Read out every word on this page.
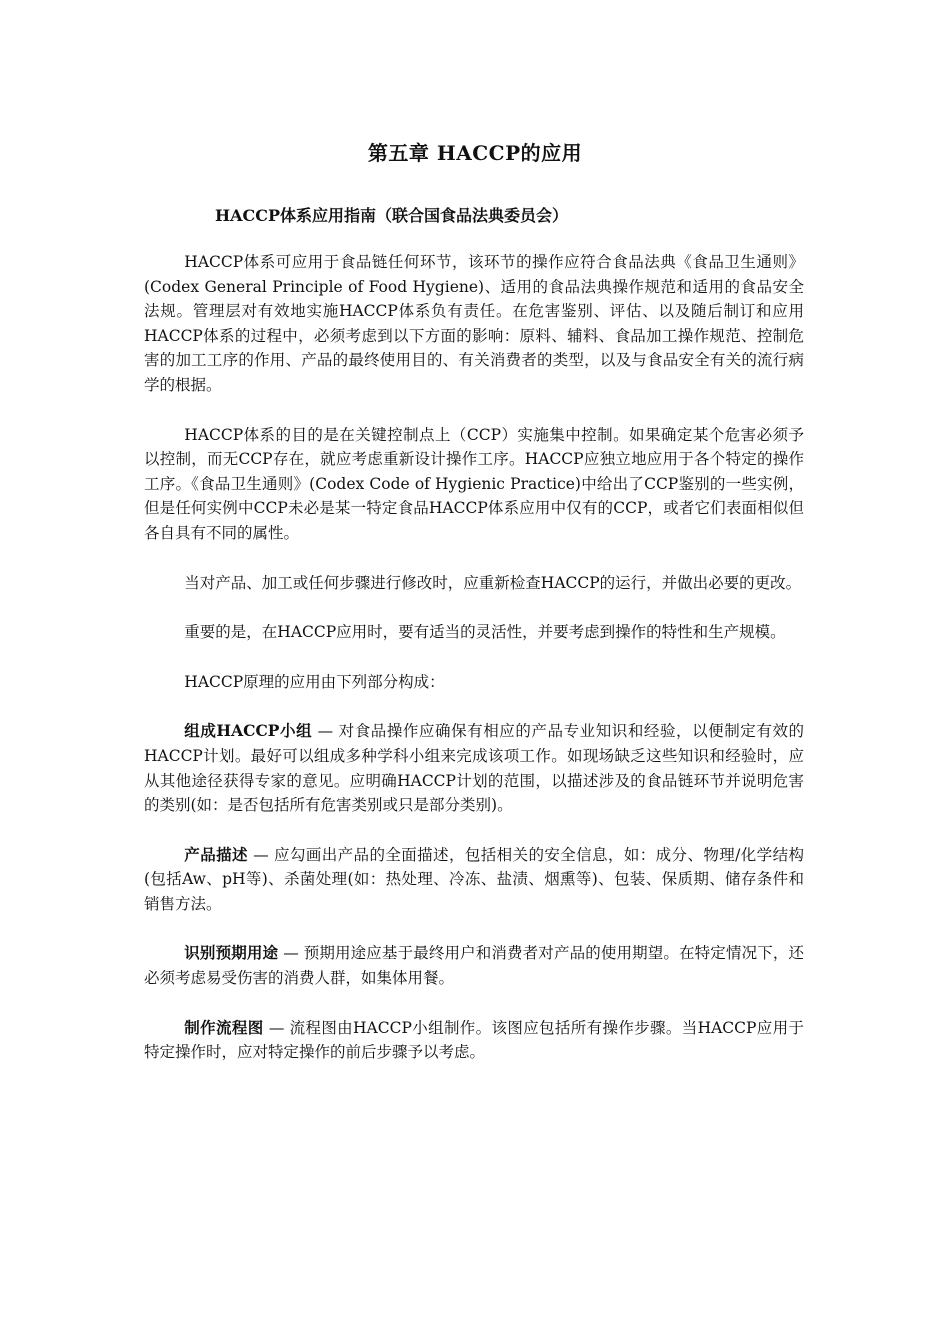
第五章 HACCP的应用
HACCP体系应用指南（联合国食品法典委员会）

HACCP体系可应用于食品链任何环节，该环节的操作应符合食品法典《食品卫生通则》(Codex General Principle of Food Hygiene)、适用的食品法典操作规范和适用的食品安全法规。管理层对有效地实施HACCP体系负有责任。在危害鉴别、评估、以及随后制订和应用HACCP体系的过程中，必须考虑到以下方面的影响：原料、辅料、食品加工操作规范、控制危害的加工工序的作用、产品的最终使用目的、有关消费者的类型，以及与食品安全有关的流行病学的根据。

HACCP体系的目的是在关键控制点上（CCP）实施集中控制。如果确定某个危害必须予以控制，而无CCP存在，就应考虑重新设计操作工序。HACCP应独立地应用于各个特定的操作工序。《食品卫生通则》(Codex Code of Hygienic Practice)中给出了CCP鉴别的一些实例，但是任何实例中CCP未必是某一特定食品HACCP体系应用中仅有的CCP，或者它们表面相似但各自具有不同的属性。

当对产品、加工或任何步骤进行修改时，应重新检查HACCP的运行，并做出必要的更改。

重要的是，在HACCP应用时，要有适当的灵活性，并要考虑到操作的特性和生产规模。

HACCP原理的应用由下列部分构成：

组成HACCP小组 — 对食品操作应确保有相应的产品专业知识和经验，以便制定有效的HACCP计划。最好可以组成多种学科小组来完成该项工作。如现场缺乏这些知识和经验时，应从其他途径获得专家的意见。应明确HACCP计划的范围，以描述涉及的食品链环节并说明危害的类别(如：是否包括所有危害类别或只是部分类别)。

产品描述 — 应勾画出产品的全面描述，包括相关的安全信息，如：成分、物理/化学结构(包括Aw、pH等)、杀菌处理(如：热处理、冷冻、盐渍、烟熏等)、包装、保质期、储存条件和销售方法。

识别预期用途 — 预期用途应基于最终用户和消费者对产品的使用期望。在特定情况下，还必须考虑易受伤害的消费人群，如集体用餐。

制作流程图 — 流程图由HACCP小组制作。该图应包括所有操作步骤。当HACCP应用于特定操作时，应对特定操作的前后步骤予以考虑。
